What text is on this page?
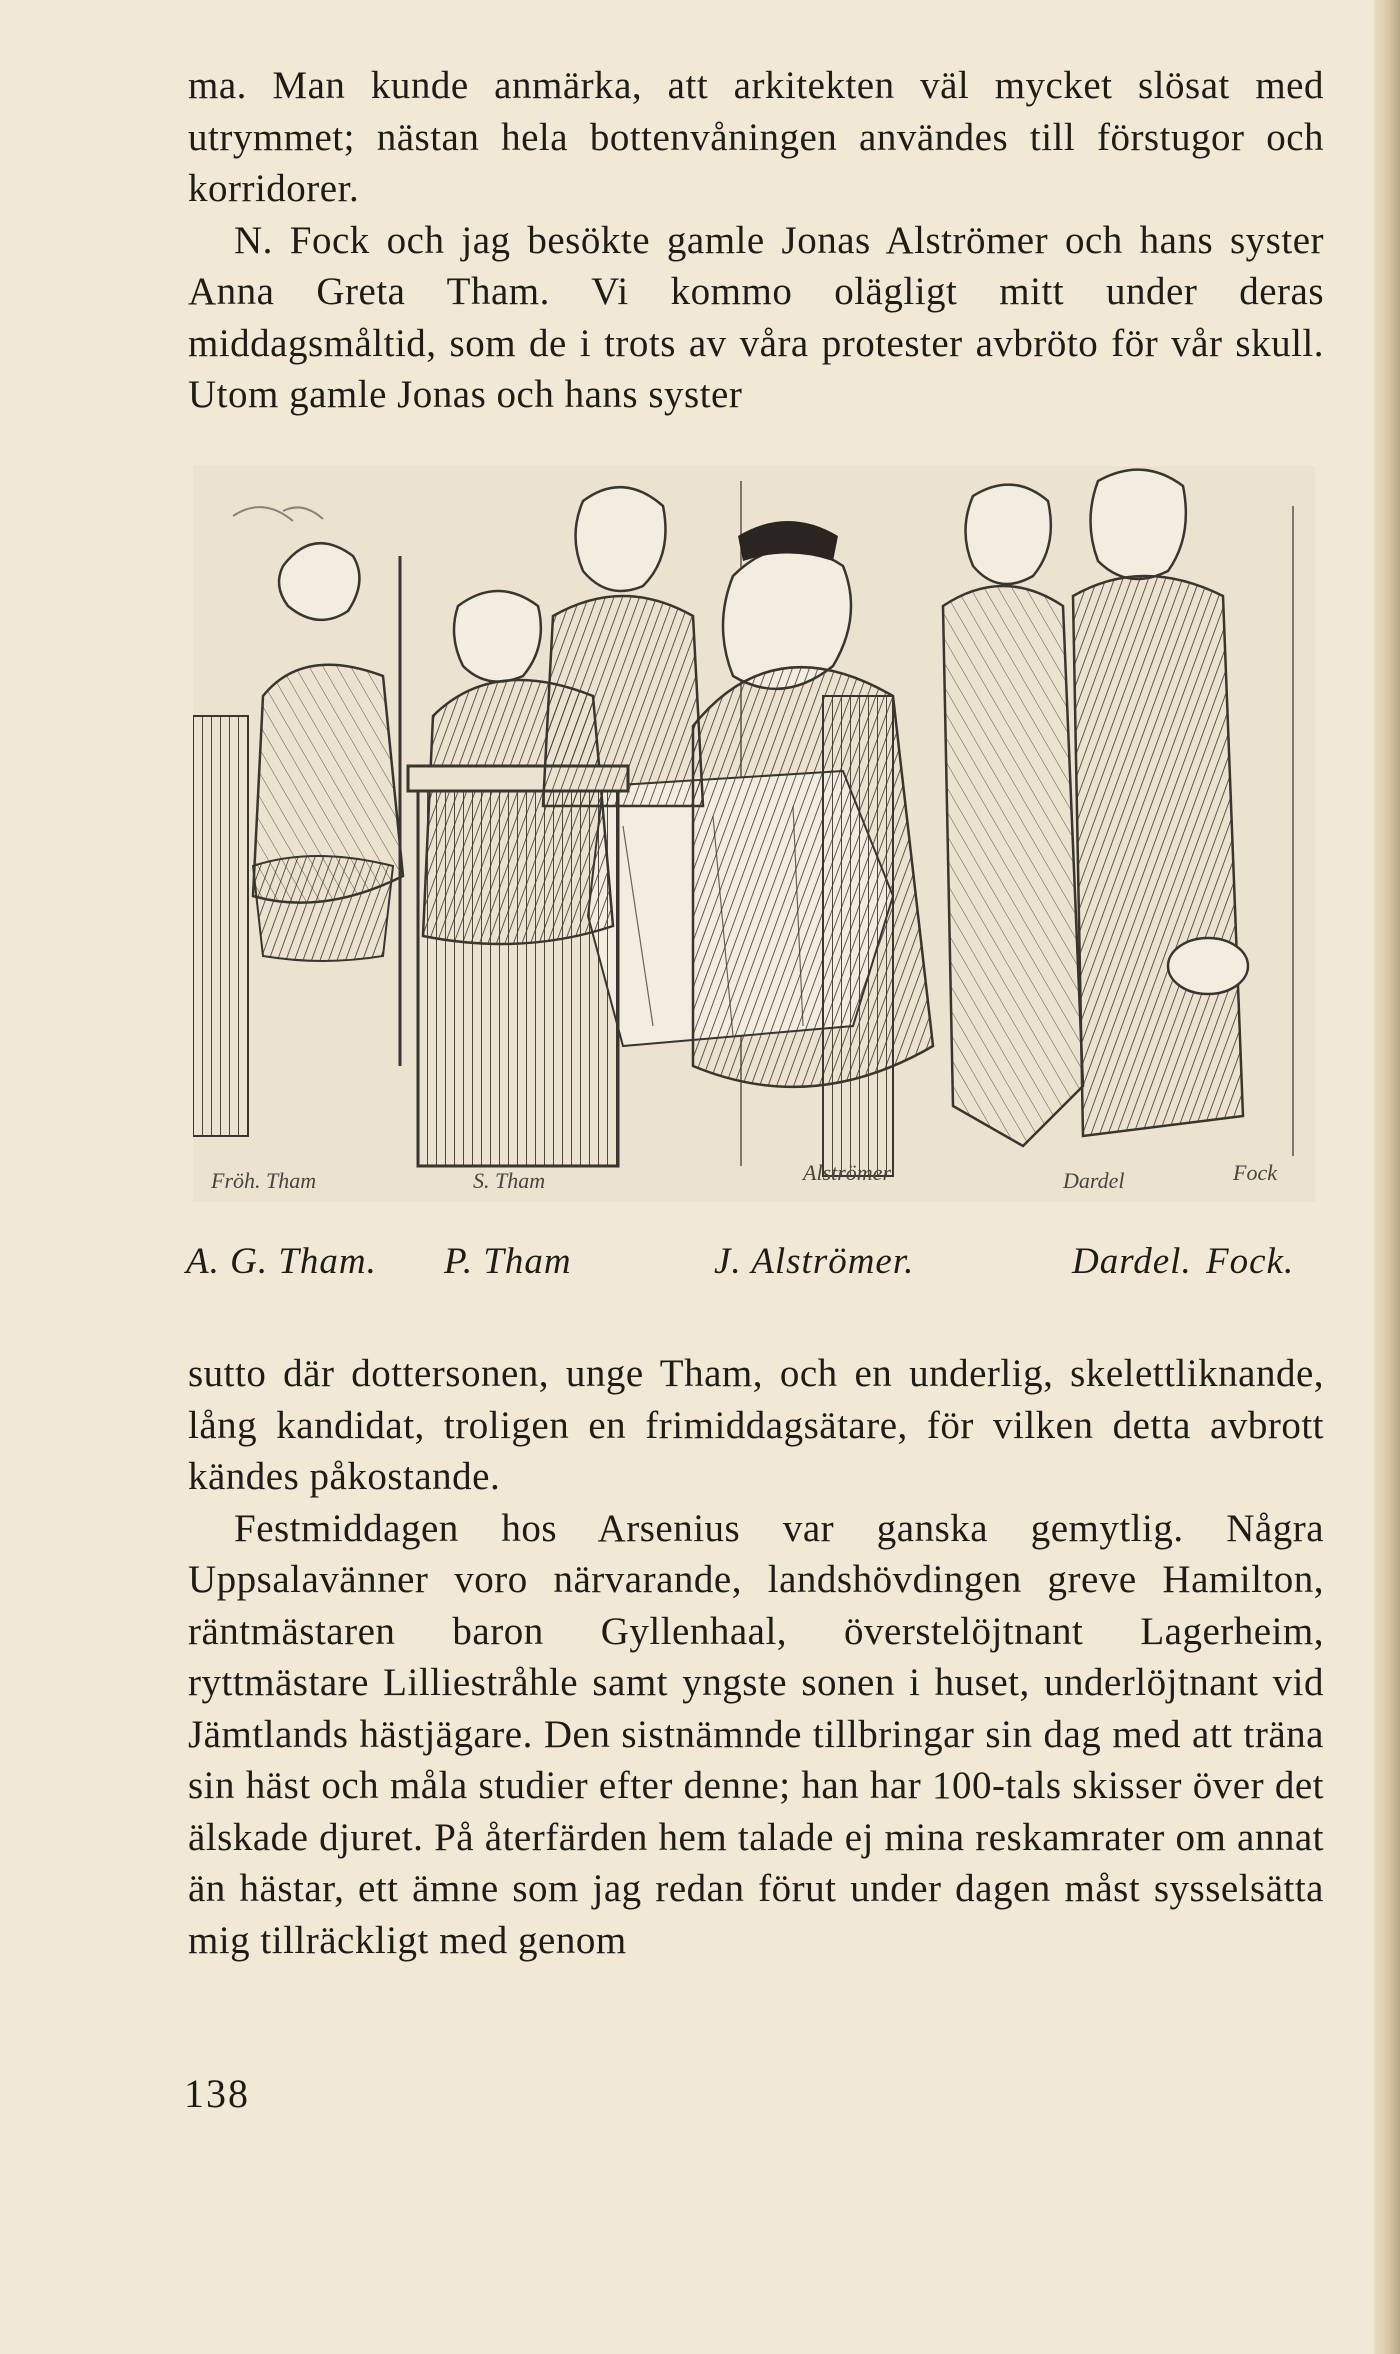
ma. Man kunde anmärka, att arkitekten väl mycket slösat med utrymmet; nästan hela bottenvåningen användes till förstugor och korridorer.

N. Fock och jag besökte gamle Jonas Alströmer och hans syster Anna Greta Tham. Vi kommo olägligt mitt under deras middagsmåltid, som de i trots av våra protester avbröto för vår skull. Utom gamle Jonas och hans syster

Fröh. Tham	S. Tham	Alströmer	Dardel	Fock
A. G. Tham. P. Tham	J. Alströmer.	Dardel. Fock.

sutto där dottersonen, unge Tham, och en underlig, skelettliknande, lång kandidat, troligen en frimiddagsätare, för vilken detta avbrott kändes påkostande.

Festmiddagen hos Arsenius var ganska gemytlig. Några Uppsalavänner voro närvarande, landshövdingen greve Hamilton, räntmästaren baron Gyllenhaal, överstelöjtnant Lagerheim, ryttmästare Lilliestråhle samt yngste sonen i huset, underlöjtnant vid Jämtlands hästjägare. Den sistnämnde tillbringar sin dag med att träna sin häst och måla studier efter denne; han har 100-tals skisser över det älskade djuret. På återfärden hem talade ej mina reskamrater om annat än hästar, ett ämne som jag redan förut under dagen måst sysselsätta mig tillräckligt med genom

138
